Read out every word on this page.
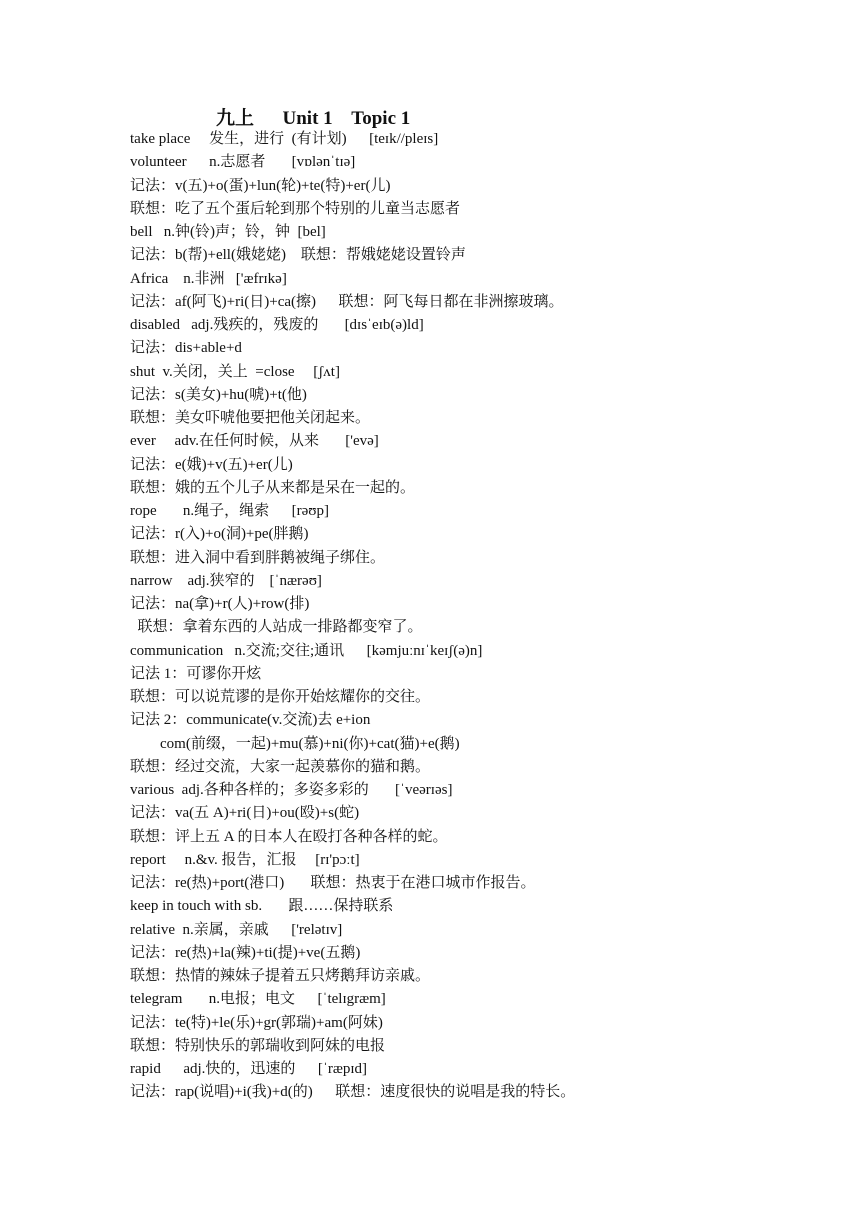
九上      Unit 1    Topic 1
take place     发生，进行  (有计划)      [teɪk//pleɪs]
volunteer      n.志愿者       [vɒlənˈtɪə]
记法：v(五)+o(蛋)+lun(轮)+te(特)+er(儿)
联想：吃了五个蛋后轮到那个特别的儿童当志愿者
bell   n.钟(铃)声；铃，钟  [bel]
记法：b(帮)+ell(娥姥姥)    联想：帮娥姥姥设置铃声
Africa    n.非洲   ['æfrɪkə]
记法：af(阿飞)+ri(日)+ca(擦)      联想：阿飞每日都在非洲擦玻璃。
disabled   adj.残疾的，残废的       [dɪsˈeɪb(ə)ld]
记法：dis+able+d
shut  v.关闭，关上  =close     [ʃʌt]
记法：s(美女)+hu(唬)+t(他)
联想：美女吓唬他要把他关闭起来。
ever     adv.在任何时候，从来       ['evə]
记法：e(娥)+v(五)+er(儿)
联想：娥的五个儿子从来都是呆在一起的。
rope       n.绳子，绳索      [rəʊp]
记法：r(入)+o(洞)+pe(胖鹅)
联想：进入洞中看到胖鹅被绳子绑住。
narrow    adj.狭窄的    [ˈnærəʊ]
记法：na(拿)+r(人)+row(排)
联想：拿着东西的人站成一排路都变窄了。
communication   n.交流;交往;通讯      [kəmjuːnɪˈkeɪʃ(ə)n]
记法 1：可谬你开炫
联想：可以说荒谬的是你开始炫耀你的交往。
记法 2：communicate(v.交流)去 e+ion
com(前缀，一起)+mu(慕)+ni(你)+cat(猫)+e(鹅)
联想：经过交流，大家一起羡慕你的猫和鹅。
various  adj.各种各样的；多姿多彩的       [ˈveərɪəs]
记法：va(五 A)+ri(日)+ou(殴)+s(蛇)
联想：评上五 A 的日本人在殴打各种各样的蛇。
report     n.&v. 报告，汇报     [rɪ'pɔːt]
记法：re(热)+port(港口)       联想：热衷于在港口城市作报告。
keep in touch with sb.       跟……保持联系
relative  n.亲属，亲戚      ['relətɪv]
记法：re(热)+la(辣)+ti(提)+ve(五鹅)
联想：热情的辣妹子提着五只烤鹅拜访亲戚。
telegram       n.电报；电文      [ˈtelɪgræm]
记法：te(特)+le(乐)+gr(郭瑞)+am(阿妹)
联想：特别快乐的郭瑞收到阿妹的电报
rapid      adj.快的，迅速的      [ˈræpɪd]
记法：rap(说唱)+i(我)+d(的)      联想：速度很快的说唱是我的特长。
